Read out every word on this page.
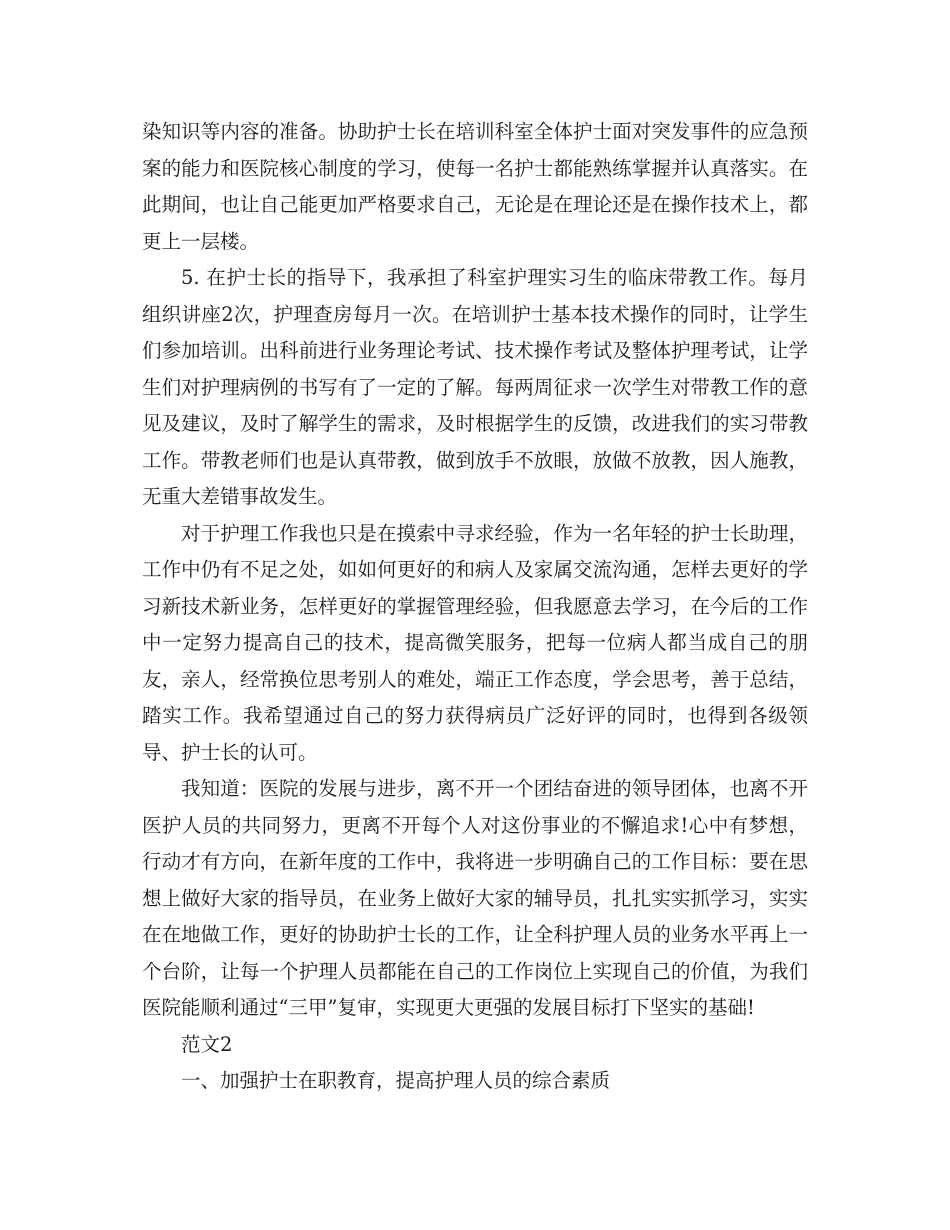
染知识等内容的准备。协助护士长在培训科室全体护士面对突发事件的应急预案的能力和医院核心制度的学习，使每一名护士都能熟练掌握并认真落实。在此期间，也让自己能更加严格要求自己，无论是在理论还是在操作技术上，都更上一层楼。

5. 在护士长的指导下，我承担了科室护理实习生的临床带教工作。每月组织讲座2次，护理查房每月一次。在培训护士基本技术操作的同时，让学生们参加培训。出科前进行业务理论考试、技术操作考试及整体护理考试，让学生们对护理病例的书写有了一定的了解。每两周征求一次学生对带教工作的意见及建议，及时了解学生的需求，及时根据学生的反馈，改进我们的实习带教工作。带教老师们也是认真带教，做到放手不放眼，放做不放教，因人施教，无重大差错事故发生。

对于护理工作我也只是在摸索中寻求经验，作为一名年轻的护士长助理，工作中仍有不足之处，如如何更好的和病人及家属交流沟通，怎样去更好的学习新技术新业务，怎样更好的掌握管理经验，但我愿意去学习，在今后的工作中一定努力提高自己的技术，提高微笑服务，把每一位病人都当成自己的朋友，亲人，经常换位思考别人的难处，端正工作态度，学会思考，善于总结，踏实工作。我希望通过自己的努力获得病员广泛好评的同时，也得到各级领导、护士长的认可。

我知道：医院的发展与进步，离不开一个团结奋进的领导团体，也离不开医护人员的共同努力，更离不开每个人对这份事业的不懈追求!心中有梦想，行动才有方向，在新年度的工作中，我将进一步明确自己的工作目标：要在思想上做好大家的指导员，在业务上做好大家的辅导员，扎扎实实抓学习，实实在在地做工作，更好的协助护士长的工作，让全科护理人员的业务水平再上一个台阶，让每一个护理人员都能在自己的工作岗位上实现自己的价值，为我们医院能顺利通过“三甲”复审，实现更大更强的发展目标打下坚实的基础!

范文2

一、加强护士在职教育，提高护理人员的综合素质
